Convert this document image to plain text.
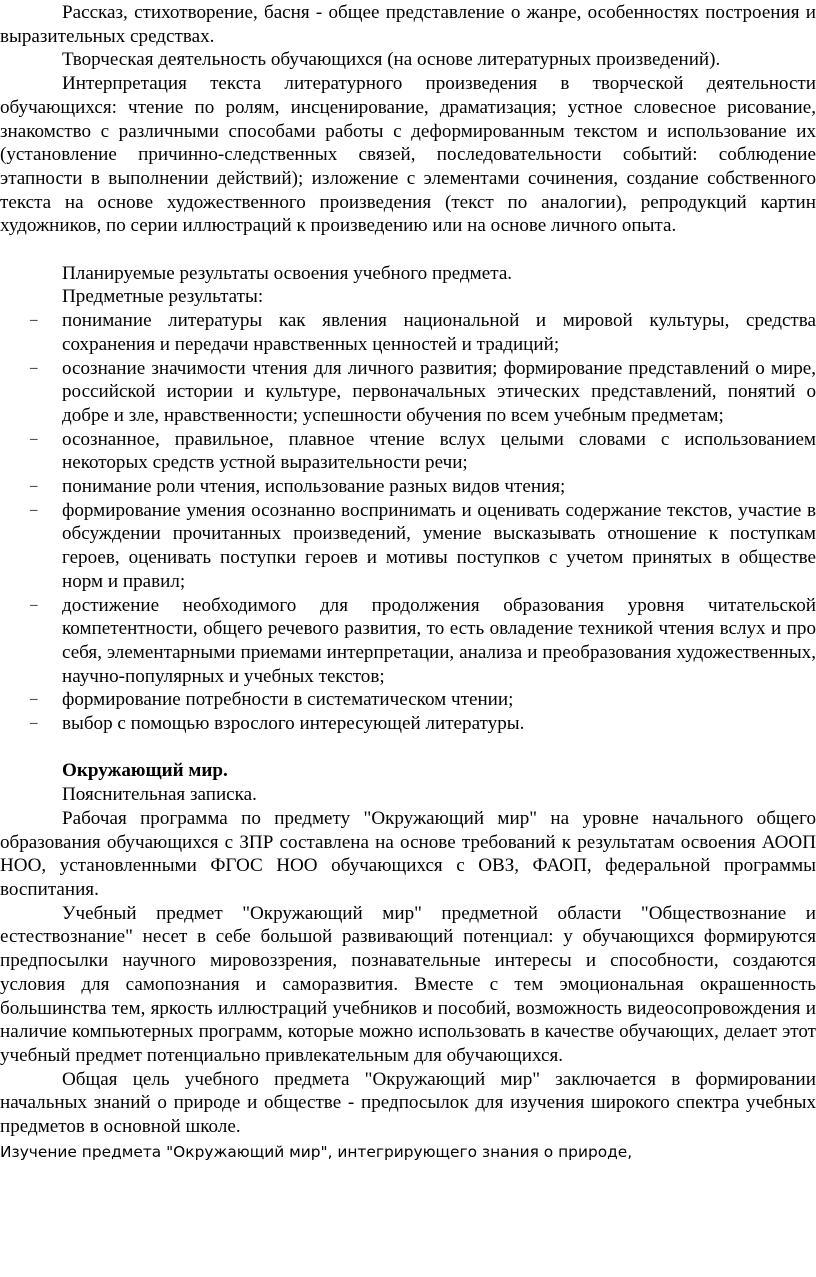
Рассказ, стихотворение, басня - общее представление о жанре, особенностях построения и выразительных средствах.

Творческая деятельность обучающихся (на основе литературных произведений).

Интерпретация текста литературного произведения в творческой деятельности обучающихся: чтение по ролям, инсценирование, драматизация; устное словесное рисование, знакомство с различными способами работы с деформированным текстом и использование их (установление причинно-следственных связей, последовательности событий: соблюдение этапности в выполнении действий); изложение с элементами сочинения, создание собственного текста на основе художественного произведения (текст по аналогии), репродукций картин художников, по серии иллюстраций к произведению или на основе личного опыта.

Планируемые результаты освоения учебного предмета.

Предметные результаты:

– понимание литературы как явления национальной и мировой культуры, средства сохранения и передачи нравственных ценностей и традиций;
– осознание значимости чтения для личного развития; формирование представлений о мире, российской истории и культуре, первоначальных этических представлений, понятий о добре и зле, нравственности; успешности обучения по всем учебным предметам;
– осознанное, правильное, плавное чтение вслух целыми словами с использованием некоторых средств устной выразительности речи;
– понимание роли чтения, использование разных видов чтения;
– формирование умения осознанно воспринимать и оценивать содержание текстов, участие в обсуждении прочитанных произведений, умение высказывать отношение к поступкам героев, оценивать поступки героев и мотивы поступков с учетом принятых в обществе норм и правил;
– достижение необходимого для продолжения образования уровня читательской компетентности, общего речевого развития, то есть овладение техникой чтения вслух и про себя, элементарными приемами интерпретации, анализа и преобразования художественных, научно-популярных и учебных текстов;
– формирование потребности в систематическом чтении;
– выбор с помощью взрослого интересующей литературы.

Окружающий мир.

Пояснительная записка.

Рабочая программа по предмету "Окружающий мир" на уровне начального общего образования обучающихся с ЗПР составлена на основе требований к результатам освоения АООП НОО, установленными ФГОС НОО обучающихся с ОВЗ, ФАОП, федеральной программы воспитания.

Учебный предмет "Окружающий мир" предметной области "Обществознание и естествознание" несет в себе большой развивающий потенциал: у обучающихся формируются предпосылки научного мировоззрения, познавательные интересы и способности, создаются условия для самопознания и саморазвития. Вместе с тем эмоциональная окрашенность большинства тем, яркость иллюстраций учебников и пособий, возможность видеосопровождения и наличие компьютерных программ, которые можно использовать в качестве обучающих, делает этот учебный предмет потенциально привлекательным для обучающихся.

Общая цель учебного предмета "Окружающий мир" заключается в формировании начальных знаний о природе и обществе - предпосылок для изучения широкого спектра учебных предметов в основной школе.

Изучение предмета "Окружающий мир", интегрирующего знания о природе,
